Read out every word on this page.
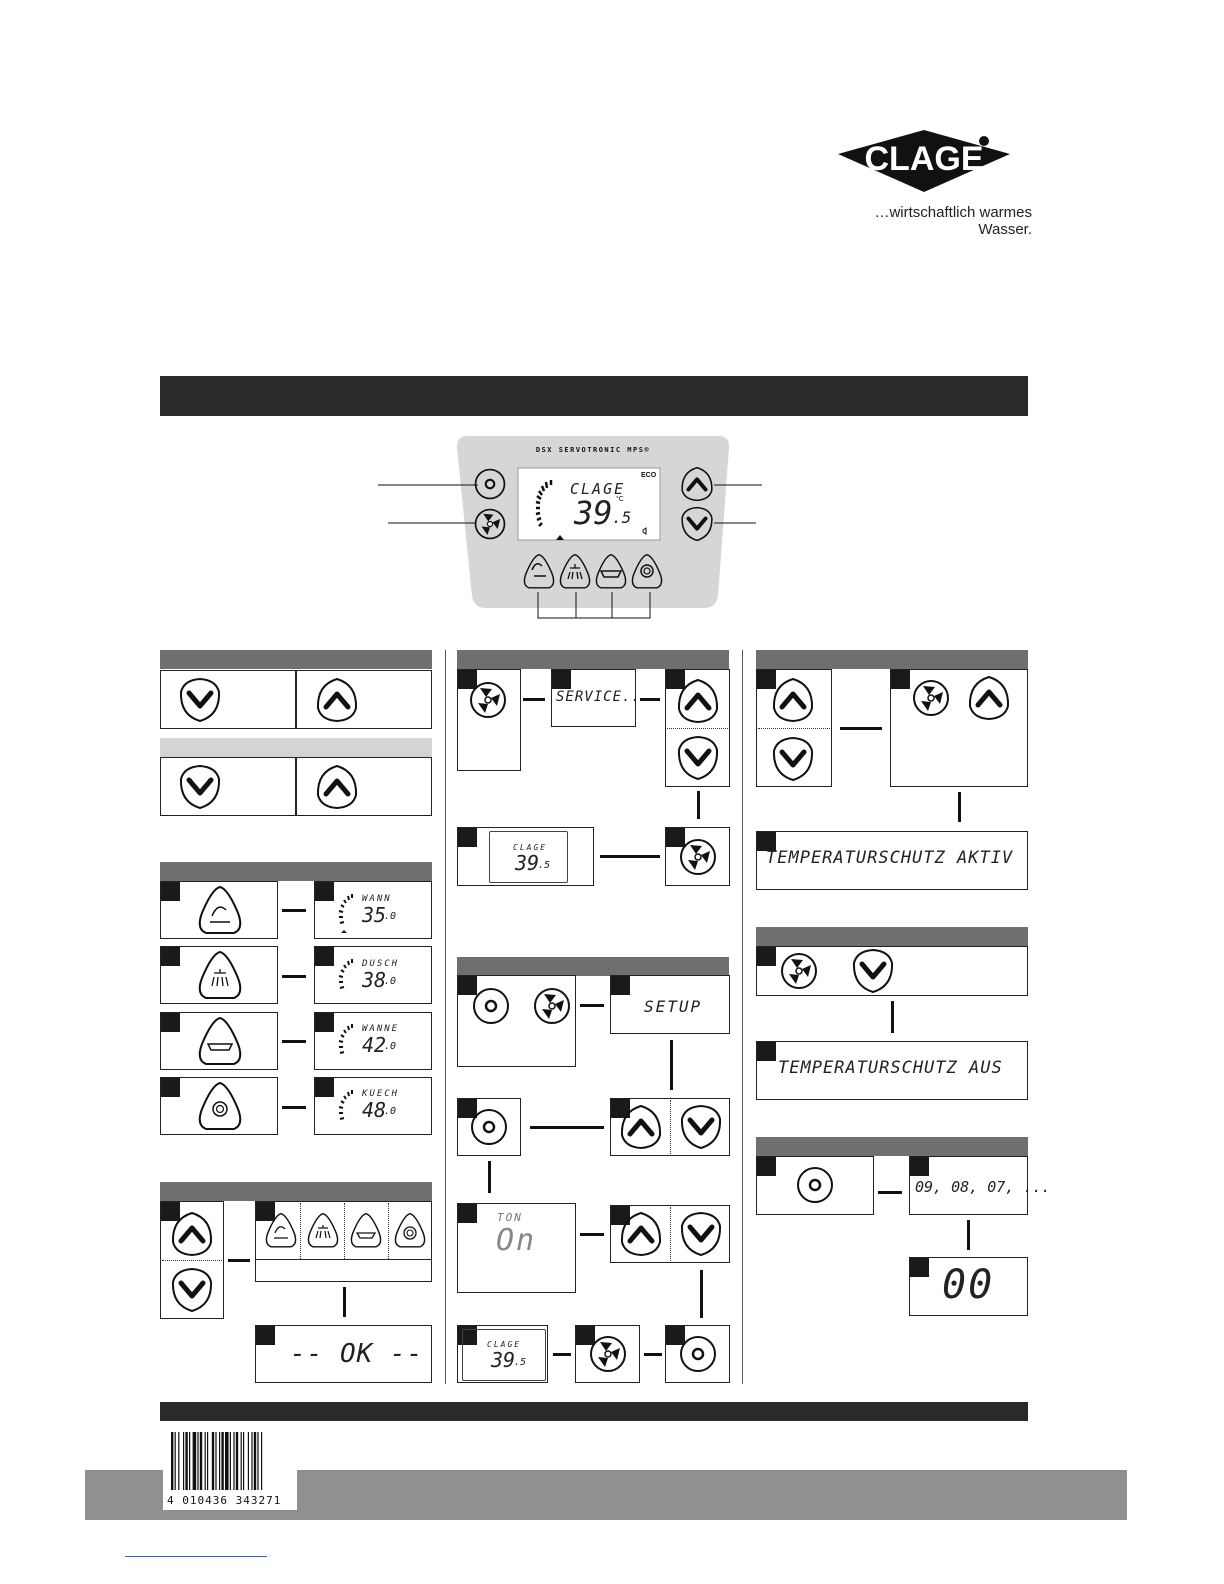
CLAGE
…wirtschaftlich warmes Wasser.
DSX SERVOTRONIC MPS®
ECO
CLAGE
39 .5
°C
WANN
35
.0
DUSCH
38
.0
WANNE
42
.0
KUECH
48
.0
-- OK --
SERVICE...
CLAGE
39
.5
SETUP
TON
On
CLAGE
39
.5
TEMPERATURSCHUTZ AKTIV
TEMPERATURSCHUTZ AUS
09, 08, 07, ...
00
4 010436 343271
